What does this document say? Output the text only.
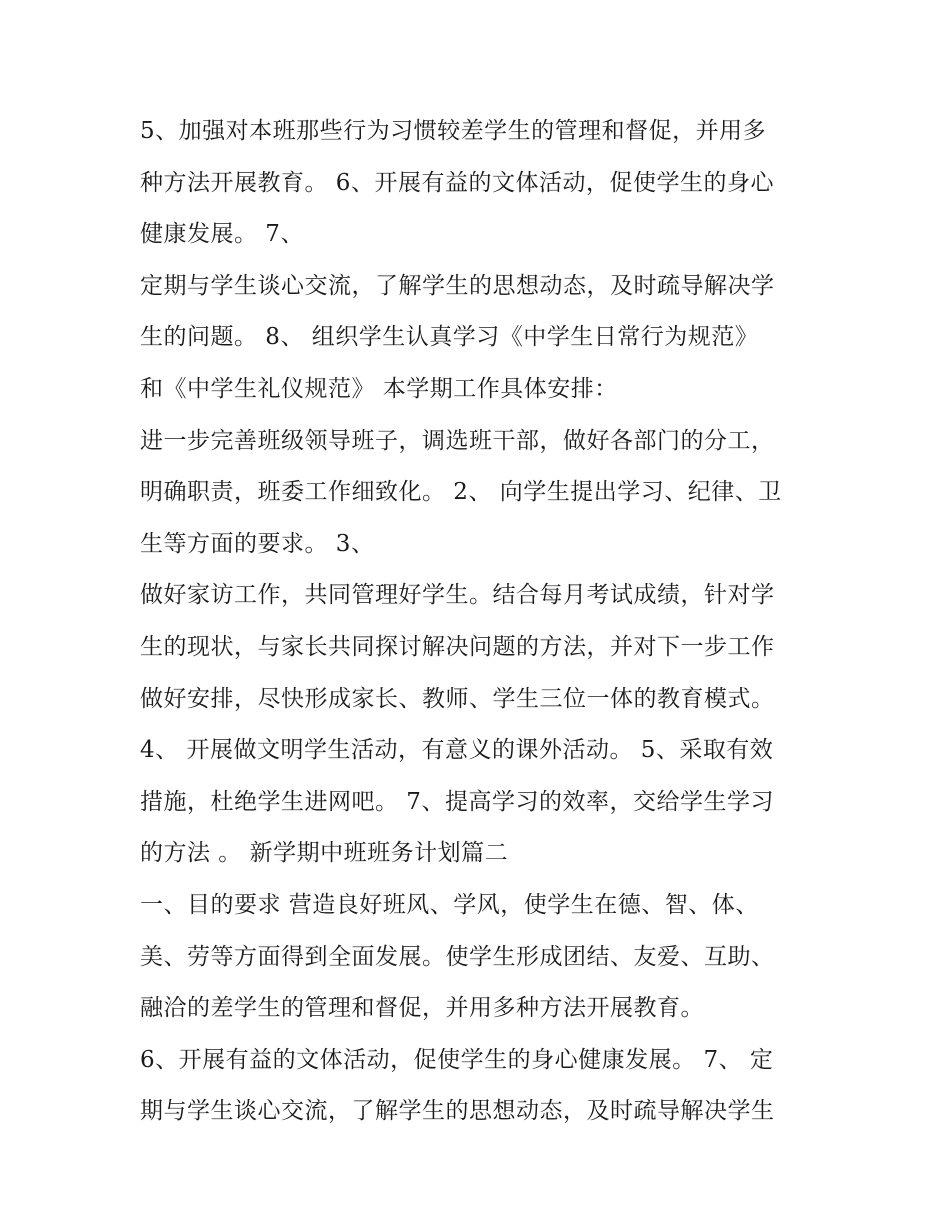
5、加强对本班那些行为习惯较差学生的管理和督促，并用多
种方法开展教育。 6、开展有益的文体活动，促使学生的身心
健康发展。 7、
定期与学生谈心交流，了解学生的思想动态，及时疏导解决学
生的问题。 8、 组织学生认真学习《中学生日常行为规范》
和《中学生礼仪规范》 本学期工作具体安排：
进一步完善班级领导班子，调选班干部，做好各部门的分工，
明确职责，班委工作细致化。 2、 向学生提出学习、纪律、卫
生等方面的要求。 3、
做好家访工作，共同管理好学生。结合每月考试成绩，针对学
生的现状，与家长共同探讨解决问题的方法，并对下一步工作
做好安排，尽快形成家长、教师、学生三位一体的教育模式。
4、 开展做文明学生活动，有意义的课外活动。 5、采取有效
措施，杜绝学生进网吧。 7、提高学习的效率，交给学生学习
的方法 。 新学期中班班务计划篇二
一、目的要求 营造良好班风、学风，使学生在德、智、体、
美、劳等方面得到全面发展。使学生形成团结、友爱、互助、
融洽的差学生的管理和督促，并用多种方法开展教育。
6、开展有益的文体活动，促使学生的身心健康发展。 7、 定
期与学生谈心交流，了解学生的思想动态，及时疏导解决学生
